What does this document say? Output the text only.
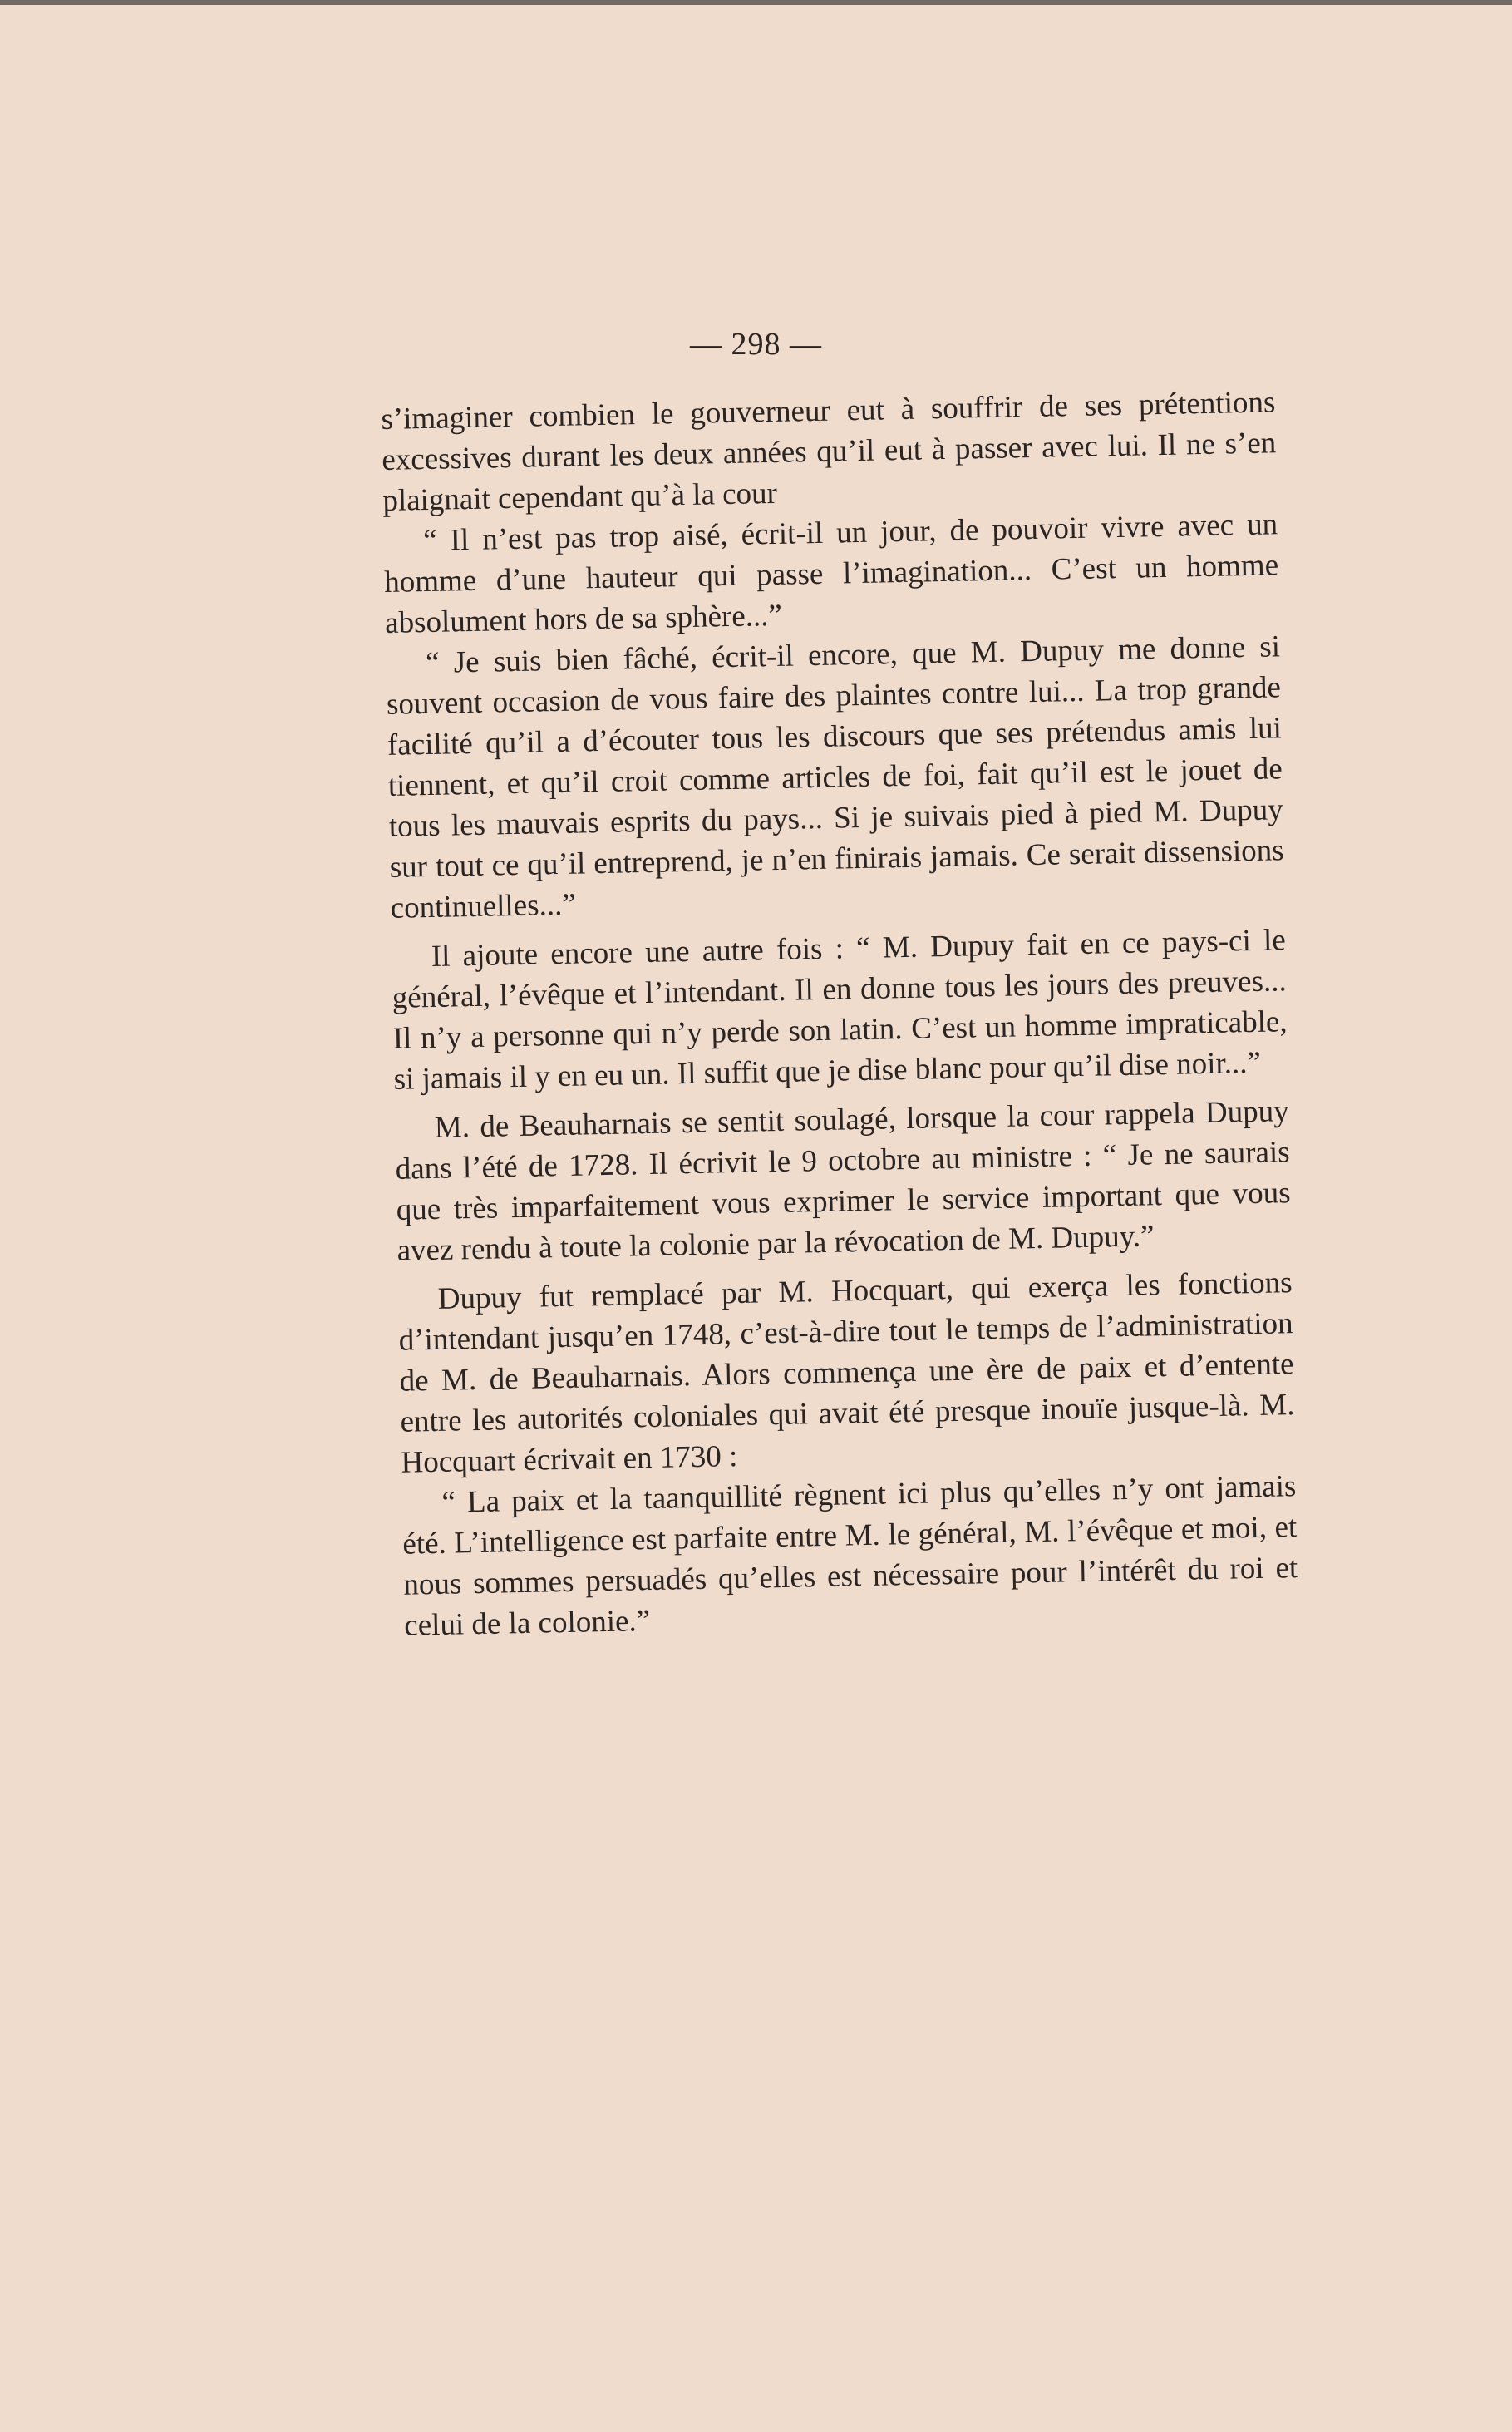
— 298 —

s’imaginer combien le gouverneur eut à souffrir de ses prétentions excessives durant les deux années qu’il eut à passer avec lui. Il ne s’en plaignait cependant qu’à la cour

“ Il n’est pas trop aisé, écrit-il un jour, de pouvoir vivre avec un homme d’une hauteur qui passe l’imagination... C’est un homme absolument hors de sa sphère...”

“ Je suis bien fâché, écrit-il encore, que M. Dupuy me donne si souvent occasion de vous faire des plaintes contre lui... La trop grande facilité qu’il a d’écouter tous les discours que ses prétendus amis lui tiennent, et qu’il croit comme articles de foi, fait qu’il est le jouet de tous les mauvais esprits du pays... Si je suivais pied à pied M. Dupuy sur tout ce qu’il entreprend, je n’en finirais jamais. Ce serait dissensions continuelles...”

Il ajoute encore une autre fois : “ M. Dupuy fait en ce pays-ci le général, l’évêque et l’intendant. Il en donne tous les jours des preuves... Il n’y a personne qui n’y perde son latin. C’est un homme impraticable, si jamais il y en eu un. Il suffit que je dise blanc pour qu’il dise noir...”

M. de Beauharnais se sentit soulagé, lorsque la cour rappela Dupuy dans l’été de 1728. Il écrivit le 9 octobre au ministre : “ Je ne saurais que très imparfaitement vous exprimer le service important que vous avez rendu à toute la colonie par la révocation de M. Dupuy.”

Dupuy fut remplacé par M. Hocquart, qui exerça les fonctions d’intendant jusqu’en 1748, c’est-à-dire tout le temps de l’administration de M. de Beauharnais. Alors commença une ère de paix et d’entente entre les autorités coloniales qui avait été presque inouïe jusque-là. M. Hocquart écrivait en 1730 :

“ La paix et la taanquillité règnent ici plus qu’elles n’y ont jamais été. L’intelligence est parfaite entre M. le général, M. l’évêque et moi, et nous sommes persuadés qu’elles est nécessaire pour l’intérêt du roi et celui de la colonie.”
